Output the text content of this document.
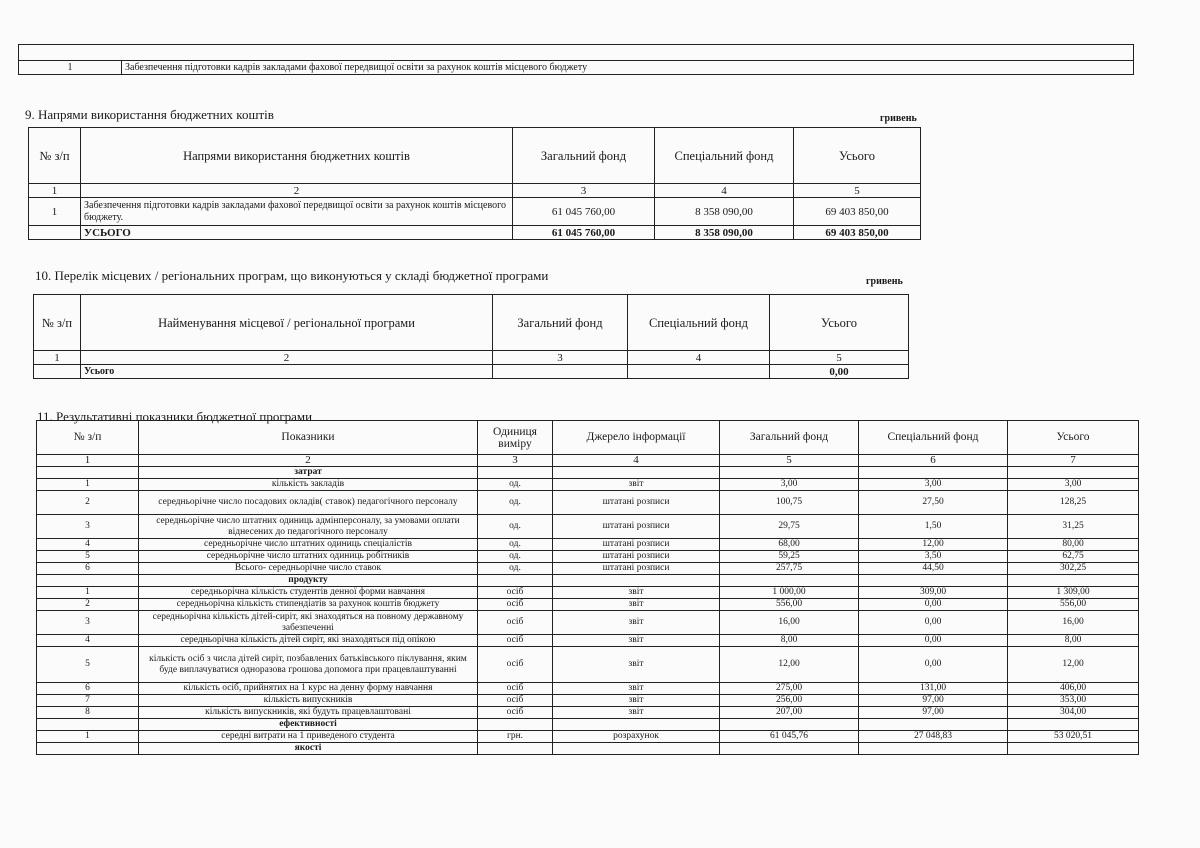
1	Забезпечення підготовки кадрів закладами фахової передвищої освіти за рахунок коштів місцевого бюджету
9. Напрями використання бюджетних коштів	гривень
№ з/п	Напрями використання бюджетних коштів	Загальний фонд	Спеціальний фонд	Усього
1	2	3	4	5
1	Забезпечення підготовки кадрів закладами фахової передвищої освіти за рахунок коштів місцевого бюджету.	61 045 760,00	8 358 090,00	69 403 850,00
	УСЬОГО	61 045 760,00	8 358 090,00	69 403 850,00
10. Перелік місцевих / регіональних програм, що виконуються у складі бюджетної програми	гривень
№ з/п	Найменування місцевої / регіональної програми	Загальний фонд	Спеціальний фонд	Усього
1	2	3	4	5
	Усього			0,00
11. Результативні показники бюджетної програми
№ з/п	Показники	Одиниця виміру	Джерело інформації	Загальний фонд	Спеціальний фонд	Усього
1	2	3	4	5	6	7
	затрат					
1	кількість закладів	од.	звіт	3,00	3,00	3,00
2	середньорічне число посадових окладів( ставок) педагогічного персоналу	од.	штатані розписи	100,75	27,50	128,25
3	середньорічне число штатних одиниць адмінперсоналу, за умовами оплати віднесених до педагогічного персоналу	од.	штатані розписи	29,75	1,50	31,25
4	середньорічне число штатних одиниць спеціалістів	од.	штатані розписи	68,00	12,00	80,00
5	середньорічне число штатних одиниць робітників	од.	штатані розписи	59,25	3,50	62,75
6	Всього- середньорічне число ставок	од.	штатані розписи	257,75	44,50	302,25
	продукту					
1	середньорічна кількість студентів денної форми навчання	осіб	звіт	1 000,00	309,00	1 309,00
2	середньорічна кількість стипендіатів за рахунок коштів бюджету	осіб	звіт	556,00	0,00	556,00
3	середньорічна кількість дітей-сиріт, які знаходяться на повному державному забезпеченні	осіб	звіт	16,00	0,00	16,00
4	середньорічна кількість дітей сиріт, які знаходяться під опікою	осіб	звіт	8,00	0,00	8,00
5	кількість осіб з числа дітей сиріт, позбавлених батьківського піклування, яким буде виплачуватися одноразова грошова допомога при працевлаштуванні	осіб	звіт	12,00	0,00	12,00
6	кількість осіб, прийнятих на 1 курс на денну форму навчання	осіб	звіт	275,00	131,00	406,00
7	кількість випускників	осіб	звіт	256,00	97,00	353,00
8	кількість випускників, які будуть працевлаштовані	осіб	звіт	207,00	97,00	304,00
	ефективності					
1	середні витрати на 1 приведеного студента	грн.	розрахунок	61 045,76	27 048,83	53 020,51
	якості					
